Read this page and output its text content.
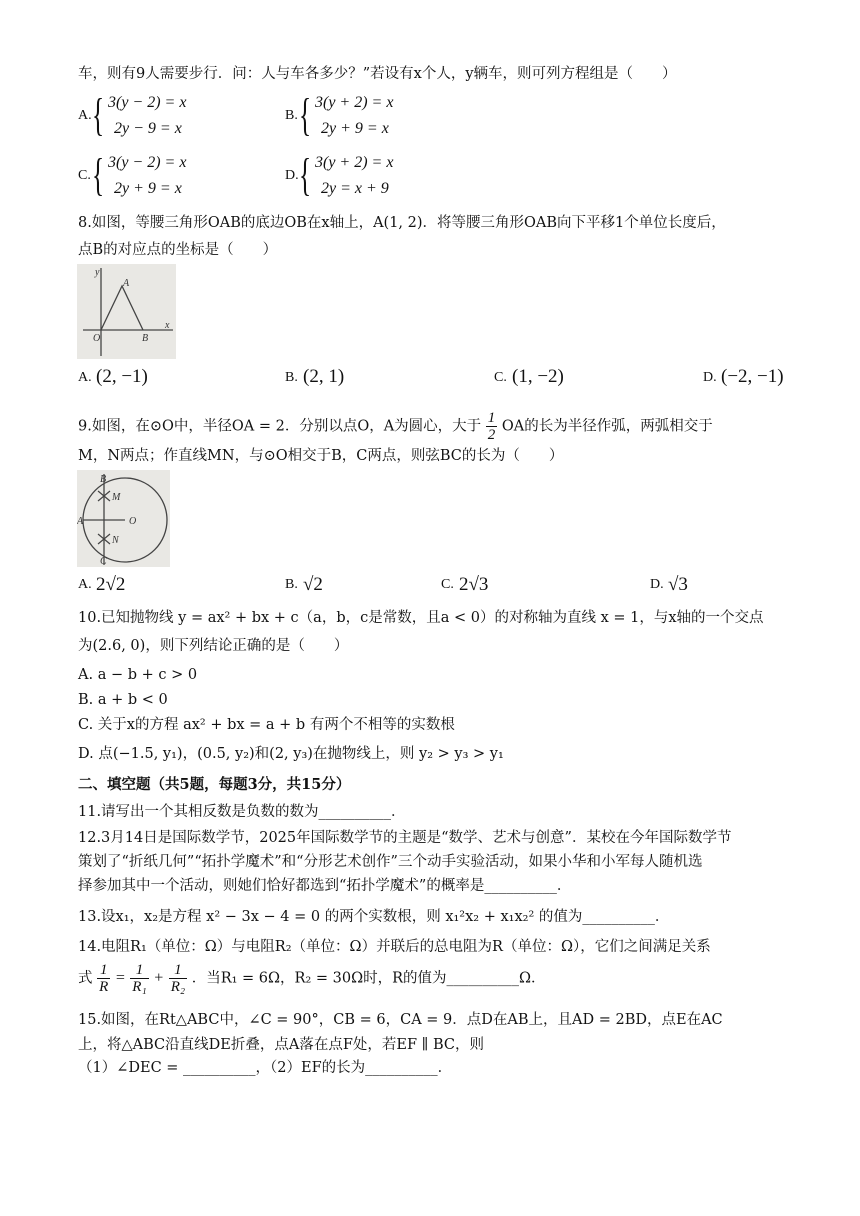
车，则有9人需要步行．问：人与车各多少？”若设有x个人，y辆车，则可列方程组是（　　）
A. { 3(y − 2) = x
2y − 9 = x
B. { 3(y + 2) = x
2y + 9 = x
C. { 3(y − 2) = x
2y + 9 = x
D. { 3(y + 2) = x
2y = x + 9
8.如图，等腰三角形OAB的底边OB在x轴上，A(1, 2)．将等腰三角形OAB向下平移1个单位长度后，
点B的对应点的坐标是（　　）
y
A
O	B
x
A. (2, −1)	B. (2, 1)	C. (1, −2)	D. (−2, −1)
9.如图，在⊙O中，半径OA = 2．分别以点O，A为圆心，大于 $\frac{1}{2}$ OA的长为半径作弧，两弧相交于
M，N两点；作直线MN，与⊙O相交于B，C两点，则弦BC的长为（　　）
B
M
A	O
N
C
A. 2√2	B. √2	C. 2√3	D. √3
10.已知抛物线 y = ax² + bx + c（a，b，c是常数，且a < 0）的对称轴为直线 x = 1，与x轴的一个交点
为(2.6, 0)，则下列结论正确的是（　　）
A. a − b + c > 0
B. a + b < 0
C. 关于x的方程 ax² + bx = a + b 有两个不相等的实数根
D. 点(−1.5, y₁)，(0.5, y₂)和(2, y₃)在抛物线上，则 y₂ > y₃ > y₁
二、填空题（共5题，每题3分，共15分）
11.请写出一个其相反数是负数的数为__________．
12.3月14日是国际数学节，2025年国际数学节的主题是“数学、艺术与创意”．某校在今年国际数学节
策划了“折纸几何”“拓扑学魔术”和“分形艺术创作”三个动手实验活动，如果小华和小军每人随机选
择参加其中一个活动，则她们恰好都选到“拓扑学魔术”的概率是__________．
13.设x₁，x₂是方程 x² − 3x − 4 = 0 的两个实数根，则 x₁²x₂ + x₁x₂² 的值为__________．
14.电阻R₁（单位：Ω）与电阻R₂（单位：Ω）并联后的总电阻为R（单位：Ω），它们之间满足关系
式 $\frac{1}{R} = \frac{1}{\text{R₁}} + \frac{1}{\text{R₂}}$ ．当R₁ = 6Ω，R₂ = 30Ω时，R的值为__________Ω．
15.如图，在Rt△ABC中，∠C = 90°，CB = 6，CA = 9．点D在AB上，且AD = 2BD，点E在AC
上，将△ABC沿直线DE折叠，点A落在点F处，若EF ∥ BC，则
（1）∠DEC = __________，（2）EF的长为__________．
